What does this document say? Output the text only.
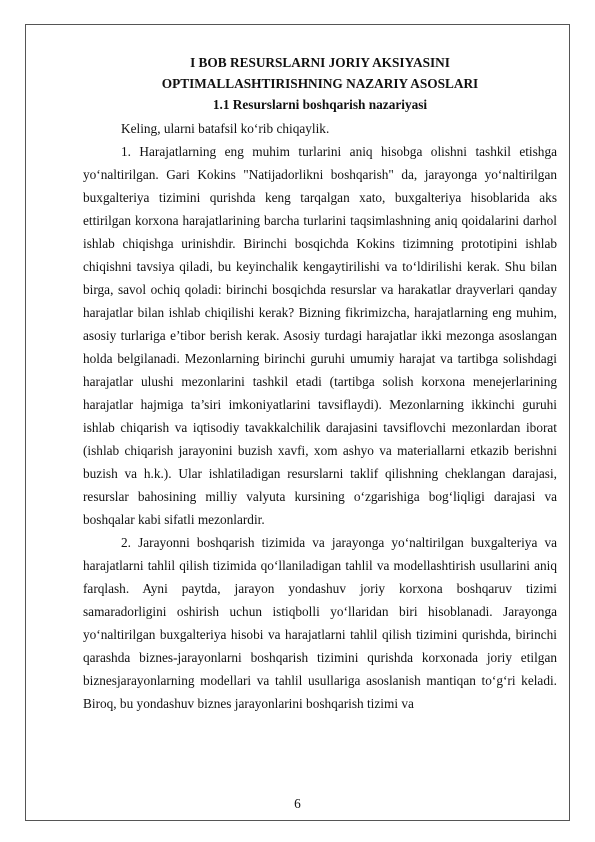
I BOB RESURSLARNI JORIY AKSIYASINI

OPTIMALLASHTIRISHNING NAZARIY ASOSLARI

1.1 Resurslarni boshqarish nazariyasi

Keling, ularni batafsil ko‘rib chiqaylik.

1. Harajatlarning eng muhim turlarini aniq hisobga olishni tashkil etishga yo‘naltirilgan. Gari Kokins "Natijadorlikni boshqarish" da, jarayonga yo‘naltirilgan buxgalteriya tizimini qurishda keng tarqalgan xato, buxgalteriya hisoblarida aks ettirilgan korxona harajatlarining barcha turlarini taqsimlashning aniq qoidalarini darhol ishlab chiqishga urinishdir. Birinchi bosqichda Kokins tizimning prototipini ishlab chiqishni tavsiya qiladi, bu keyinchalik kengaytirilishi va to‘ldirilishi kerak. Shu bilan birga, savol ochiq qoladi: birinchi bosqichda resurslar va harakatlar drayverlari qanday harajatlar bilan ishlab chiqilishi kerak? Bizning fikrimizcha, harajatlarning eng muhim, asosiy turlariga e’tibor berish kerak. Asosiy turdagi harajatlar ikki mezonga asoslangan holda belgilanadi. Mezonlarning birinchi guruhi umumiy harajat va tartibga solishdagi harajatlar ulushi mezonlarini tashkil etadi (tartibga solish korxona menejerlarining harajatlar hajmiga ta’siri imkoniyatlarini tavsiflaydi). Mezonlarning ikkinchi guruhi ishlab chiqarish va iqtisodiy tavakkalchilik darajasini tavsiflovchi mezonlardan iborat (ishlab chiqarish jarayonini buzish xavfi, xom ashyo va materiallarni etkazib berishni buzish va h.k.). Ular ishlatiladigan resurslarni taklif qilishning cheklangan darajasi, resurslar bahosining milliy valyuta kursining o‘zgarishiga bog‘liqligi darajasi va boshqalar kabi sifatli mezonlardir.

2. Jarayonni boshqarish tizimida va jarayonga yo‘naltirilgan buxgalteriya va harajatlarni tahlil qilish tizimida qo‘llaniladigan tahlil va modellashtirish usullarini aniq farqlash. Ayni paytda, jarayon yondashuv joriy korxona boshqaruv tizimi samaradorligini oshirish uchun istiqbolli yo‘llaridan biri hisoblanadi. Jarayonga yo‘naltirilgan buxgalteriya hisobi va harajatlarni tahlil qilish tizimini qurishda, birinchi qarashda biznes-jarayonlarni boshqarish tizimini qurishda korxonada joriy etilgan biznesjarayonlarning modellari va tahlil usullariga asoslanish mantiqan to‘g‘ri keladi. Biroq, bu yondashuv biznes jarayonlarini boshqarish tizimi va

6
